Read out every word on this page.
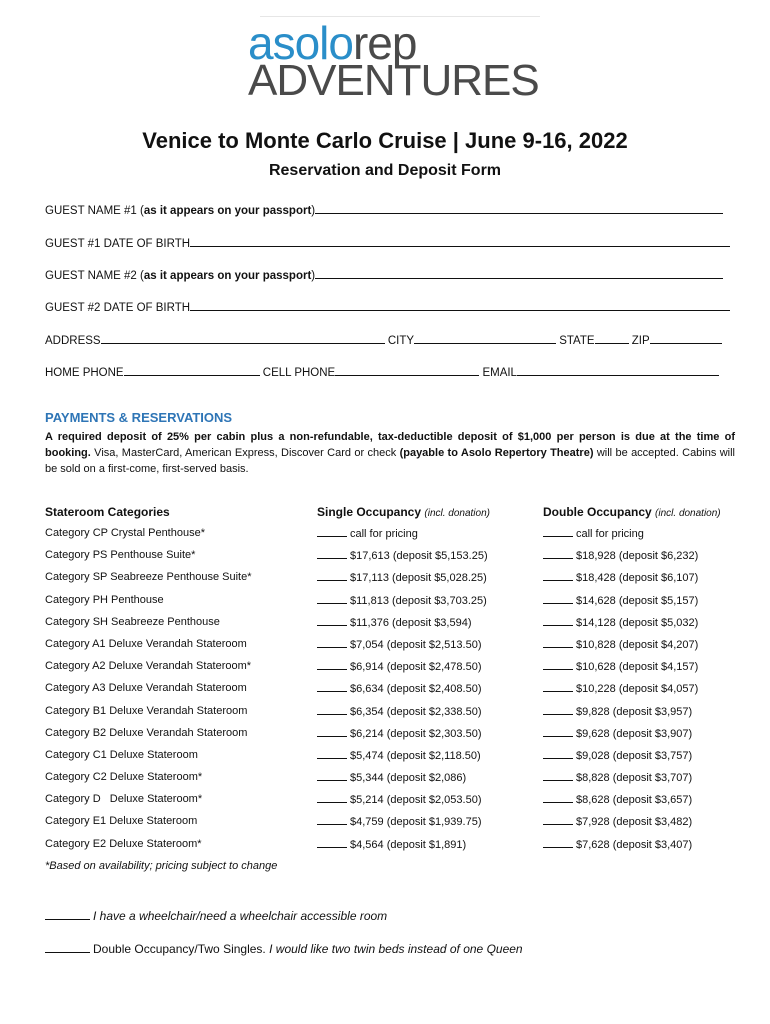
asolorep
ADVENTURES
Venice to Monte Carlo Cruise | June 9-16, 2022
Reservation and Deposit Form
GUEST NAME #1 (as it appears on your passport)
GUEST #1 DATE OF BIRTH
GUEST NAME #2 (as it appears on your passport)
GUEST #2 DATE OF BIRTH
ADDRESS	CITY	STATE	ZIP
HOME PHONE	CELL PHONE	EMAIL
PAYMENTS & RESERVATIONS
A required deposit of 25% per cabin plus a non-refundable, tax-deductible deposit of $1,000 per person is due at the time of booking. Visa, MasterCard, American Express, Discover Card or check (payable to Asolo Repertory Theatre) will be accepted. Cabins will be sold on a first-come, first-served basis.
Stateroom Categories	Single Occupancy (incl. donation)	Double Occupancy (incl. donation)
Category CP Crystal Penthouse*	call for pricing	call for pricing
Category PS Penthouse Suite*	$17,613 (deposit $5,153.25)	$18,928 (deposit $6,232)
Category SP Seabreeze Penthouse Suite*	$17,113 (deposit $5,028.25)	$18,428 (deposit $6,107)
Category PH Penthouse	$11,813 (deposit $3,703.25)	$14,628 (deposit $5,157)
Category SH Seabreeze Penthouse	$11,376 (deposit $3,594)	$14,128 (deposit $5,032)
Category A1 Deluxe Verandah Stateroom	$7,054 (deposit $2,513.50)	$10,828 (deposit $4,207)
Category A2 Deluxe Verandah Stateroom*	$6,914 (deposit $2,478.50)	$10,628 (deposit $4,157)
Category A3 Deluxe Verandah Stateroom	$6,634 (deposit $2,408.50)	$10,228 (deposit $4,057)
Category B1 Deluxe Verandah Stateroom	$6,354 (deposit $2,338.50)	$9,828 (deposit $3,957)
Category B2 Deluxe Verandah Stateroom	$6,214 (deposit $2,303.50)	$9,628 (deposit $3,907)
Category C1 Deluxe Stateroom	$5,474 (deposit $2,118.50)	$9,028 (deposit $3,757)
Category C2 Deluxe Stateroom*	$5,344 (deposit $2,086)	$8,828 (deposit $3,707)
Category D   Deluxe Stateroom*	$5,214 (deposit $2,053.50)	$8,628 (deposit $3,657)
Category E1 Deluxe Stateroom	$4,759 (deposit $1,939.75)	$7,928 (deposit $3,482)
Category E2 Deluxe Stateroom*	$4,564 (deposit $1,891)	$7,628 (deposit $3,407)
*Based on availability; pricing subject to change
I have a wheelchair/need a wheelchair accessible room
Double Occupancy/Two Singles. I would like two twin beds instead of one Queen
